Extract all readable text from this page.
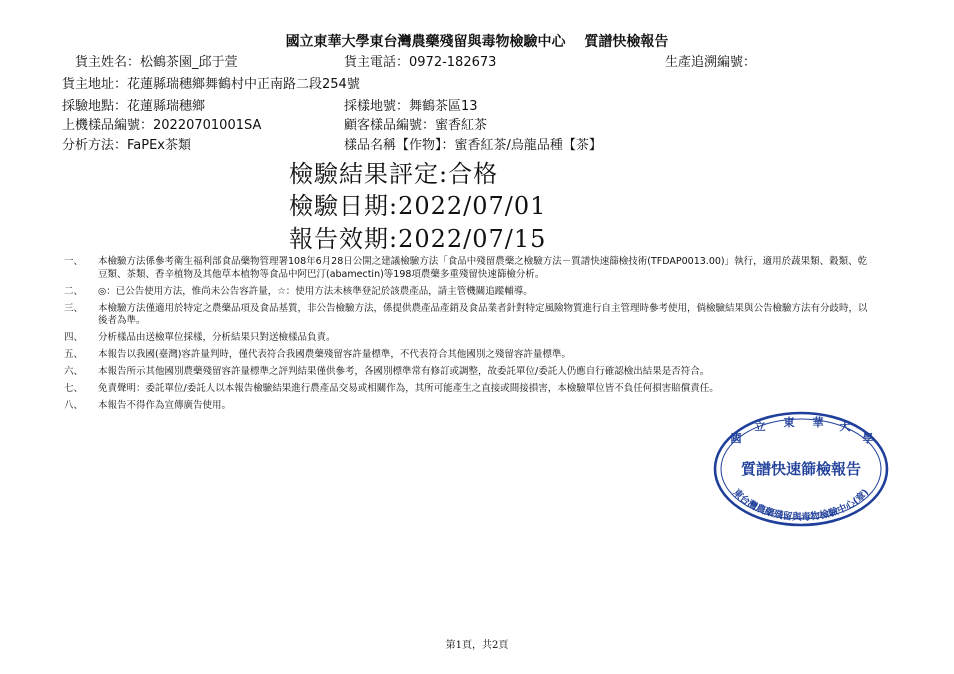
國立東華大學東台灣農藥殘留與毒物檢驗中心　 質譜快檢報告
貨主姓名：松鶴茶園_邱于萱	貨主電話：0972-182673	生產追溯編號：
貨主地址：花蓮縣瑞穗鄉舞鶴村中正南路二段254號
採驗地點：花蓮縣瑞穗鄉	採樣地號：舞鶴茶區13
上機樣品編號：20220701001SA	顧客樣品編號：蜜香紅茶
分析方法：FaPEx茶類	樣品名稱【作物】：蜜香紅茶/烏龍品種【茶】
檢驗結果評定:合格
檢驗日期:2022/07/01
報告效期:2022/07/15
一、	本檢驗方法係參考衛生福利部食品藥物管理署108年6月28日公開之建議檢驗方法「食品中殘留農藥之檢驗方法－質譜快速篩檢技術(TFDAP0013.00)」執行，適用於蔬果類、穀類、乾豆類、茶類、香辛植物及其他草本植物等食品中阿巴汀(abamectin)等198項農藥多重殘留快速篩檢分析。
二、	◎：已公告使用方法，惟尚未公告容許量，☆：使用方法未核準登記於該農產品，請主管機關追蹤輔導。
三、	本檢驗方法僅適用於特定之農藥品項及食品基質，非公告檢驗方法，係提供農產品產銷及食品業者針對特定風險物質進行自主管理時參考使用，倘檢驗結果與公告檢驗方法有分歧時，以後者為準。
四、	分析樣品由送檢單位採樣，分析結果只對送檢樣品負責。
五、	本報告以我國(臺灣)容許量判時，僅代表符合我國農藥殘留容許量標準，不代表符合其他國別之殘留容許量標準。
六、	本報告所示其他國別農藥殘留容許量標準之評判結果僅供參考，各國別標準常有修訂或調整，故委託單位/委託人仍應自行確認檢出結果是否符合。
七、	免責聲明：委託單位/委託人以本報告檢驗結果進行農產品交易或相關作為，其所可能產生之直接或間接損害，本檢驗單位皆不負任何損害賠償責任。
八、	本報告不得作為宣傳廣告使用。
國
立 東 華 大
學
質譜快速篩檢報告
東台灣農藥殘留與毒物檢驗中心(章)
第1頁，共2頁
